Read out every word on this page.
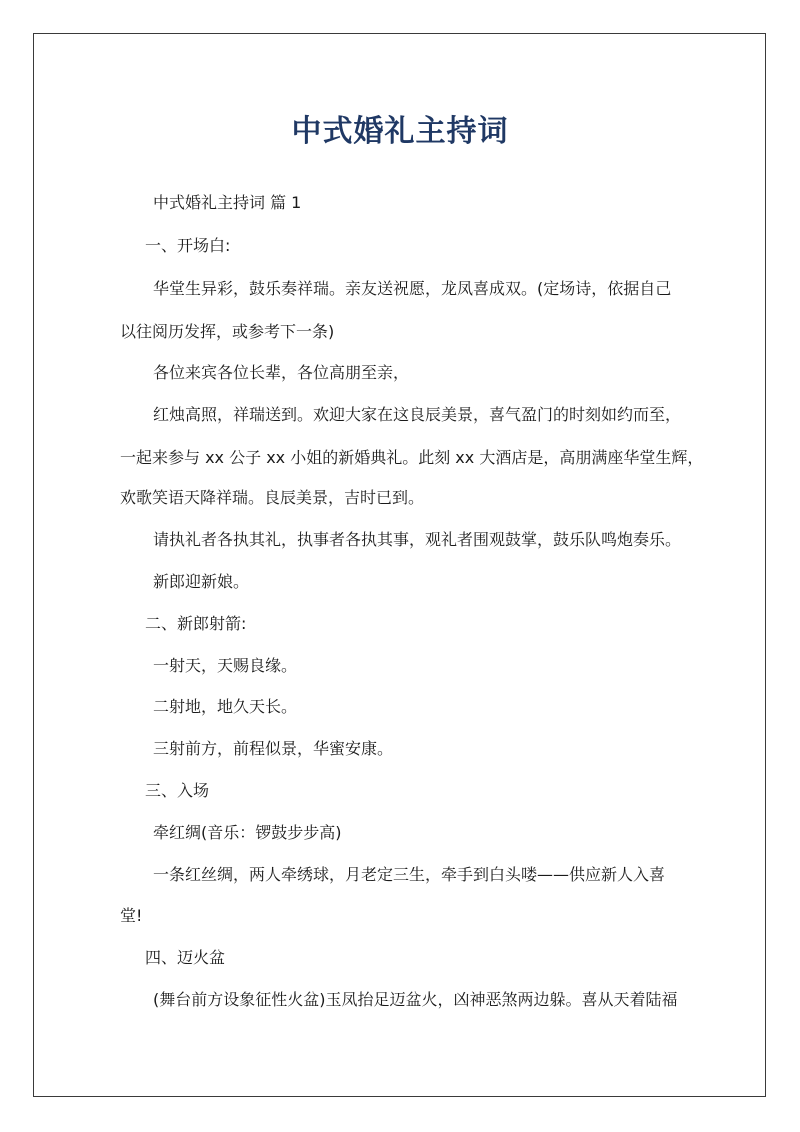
中式婚礼主持词
中式婚礼主持词 篇 1
一、开场白:
华堂生异彩，鼓乐奏祥瑞。亲友送祝愿，龙凤喜成双。(定场诗，依据自己
以往阅历发挥，或参考下一条)
各位来宾各位长辈，各位高朋至亲，
红烛高照，祥瑞送到。欢迎大家在这良辰美景，喜气盈门的时刻如约而至，
一起来参与 xx 公子 xx 小姐的新婚典礼。此刻 xx 大酒店是，高朋满座华堂生辉，
欢歌笑语天降祥瑞。良辰美景，吉时已到。
请执礼者各执其礼，执事者各执其事，观礼者围观鼓掌，鼓乐队鸣炮奏乐。
新郎迎新娘。
二、新郎射箭:
一射天，天赐良缘。
二射地，地久天长。
三射前方，前程似景，华蜜安康。
三、入场
牵红绸(音乐：锣鼓步步高)
一条红丝绸，两人牵绣球，月老定三生，牵手到白头喽——供应新人入喜
堂!
四、迈火盆
(舞台前方设象征性火盆)玉凤抬足迈盆火，凶神恶煞两边躲。喜从天着陆福
